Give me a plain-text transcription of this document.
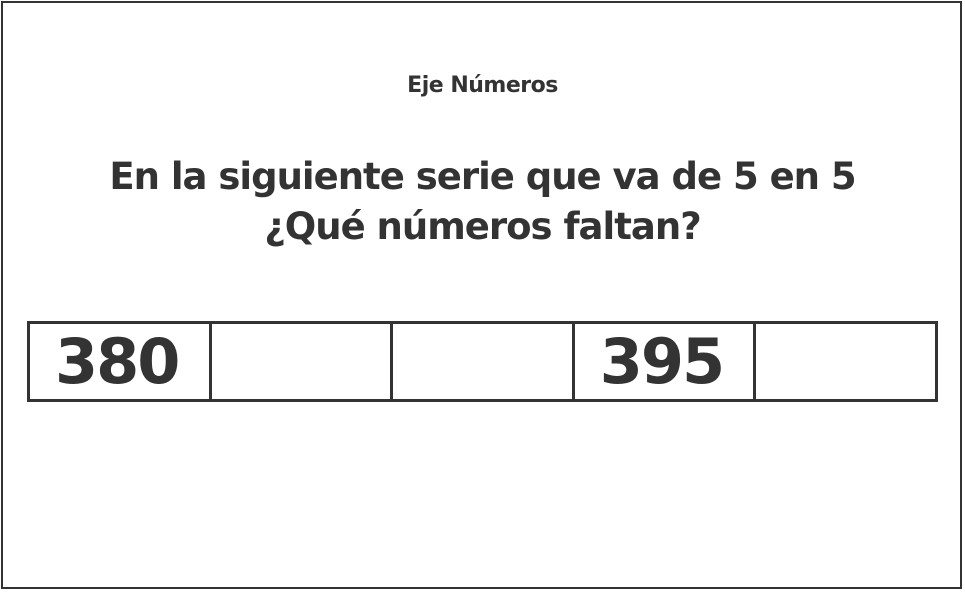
Eje Números
En la siguiente serie que va de 5 en 5
¿Qué números faltan?
380	395
